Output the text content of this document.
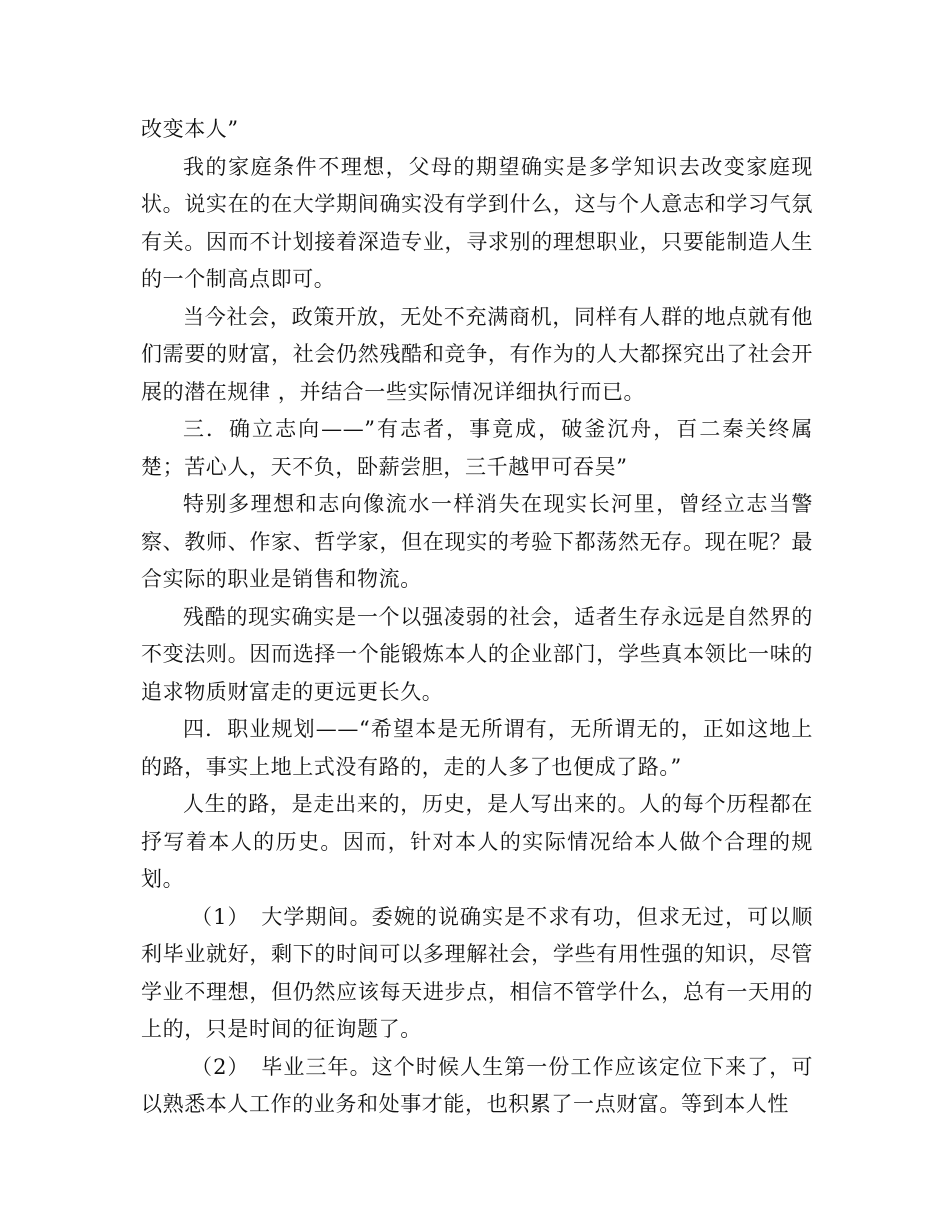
改变本人”

我的家庭条件不理想，父母的期望确实是多学知识去改变家庭现状。说实在的在大学期间确实没有学到什么，这与个人意志和学习气氛有关。因而不计划接着深造专业，寻求别的理想职业，只要能制造人生的一个制高点即可。

当今社会，政策开放，无处不充满商机，同样有人群的地点就有他们需要的财富，社会仍然残酷和竞争，有作为的人大都探究出了社会开展的潜在规律 ，并结合一些实际情况详细执行而已。

三．确立志向——”有志者，事竟成，破釜沉舟，百二秦关终属楚；苦心人，天不负，卧薪尝胆，三千越甲可吞吴”

特别多理想和志向像流水一样消失在现实长河里，曾经立志当警察、教师、作家、哲学家，但在现实的考验下都荡然无存。现在呢？最合实际的职业是销售和物流。

残酷的现实确实是一个以强凌弱的社会，适者生存永远是自然界的不变法则。因而选择一个能锻炼本人的企业部门，学些真本领比一味的追求物质财富走的更远更长久。

四．职业规划——“希望本是无所谓有，无所谓无的，正如这地上的路，事实上地上式没有路的，走的人多了也便成了路。”

人生的路，是走出来的，历史，是人写出来的。人的每个历程都在抒写着本人的历史。因而，针对本人的实际情况给本人做个合理的规划。

（1）　大学期间。委婉的说确实是不求有功，但求无过，可以顺利毕业就好，剩下的时间可以多理解社会，学些有用性强的知识，尽管学业不理想，但仍然应该每天进步点，相信不管学什么，总有一天用的上的，只是时间的征询题了。

（2）　毕业三年。这个时候人生第一份工作应该定位下来了，可以熟悉本人工作的业务和处事才能，也积累了一点财富。等到本人性
